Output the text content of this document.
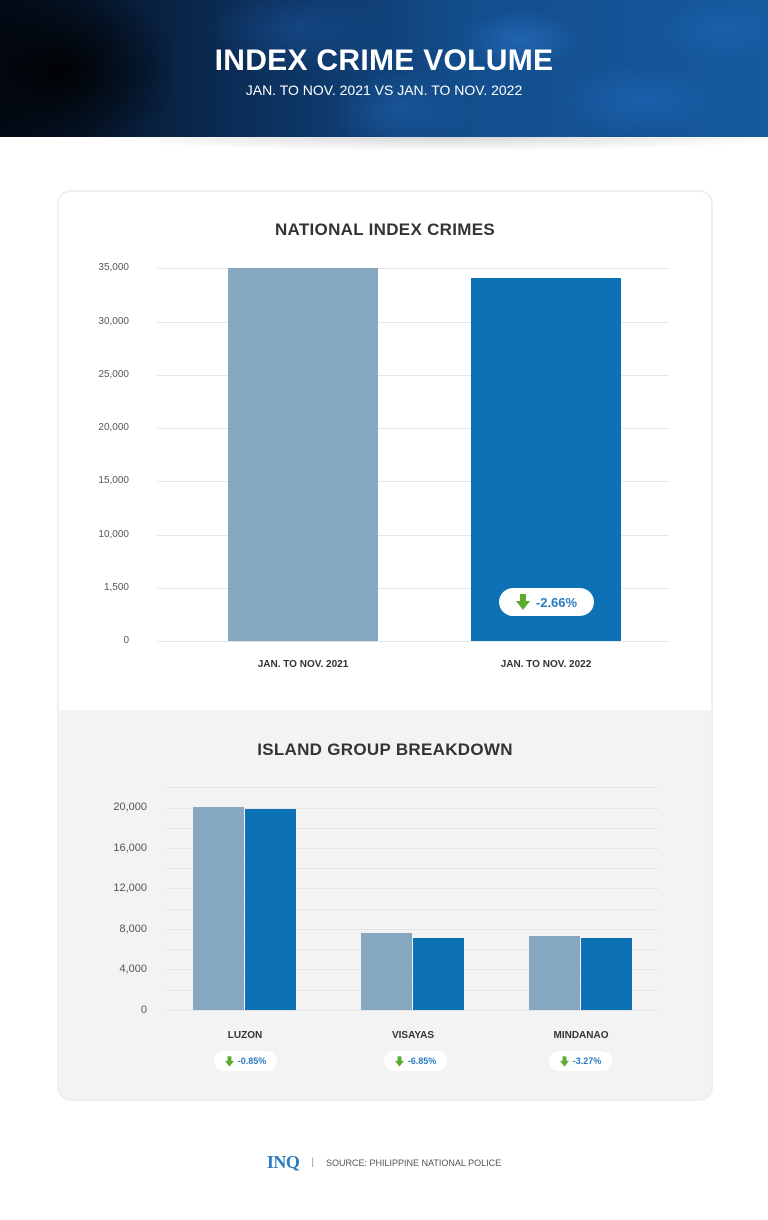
INDEX CRIME VOLUME
JAN. TO NOV. 2021 VS JAN. TO NOV. 2022
NATIONAL INDEX CRIMES
35,000
30,000
25,000
20,000
15,000
10,000
1,500
0
-2.66%
JAN. TO NOV. 2021	JAN. TO NOV. 2022
ISLAND GROUP BREAKDOWN
20,000
16,000
12,000
8,000
4,000
0
LUZON	VISAYAS	MINDANAO
-0.85%	-6.85%	-3.27%
INQ | SOURCE: PHILIPPINE NATIONAL POLICE
